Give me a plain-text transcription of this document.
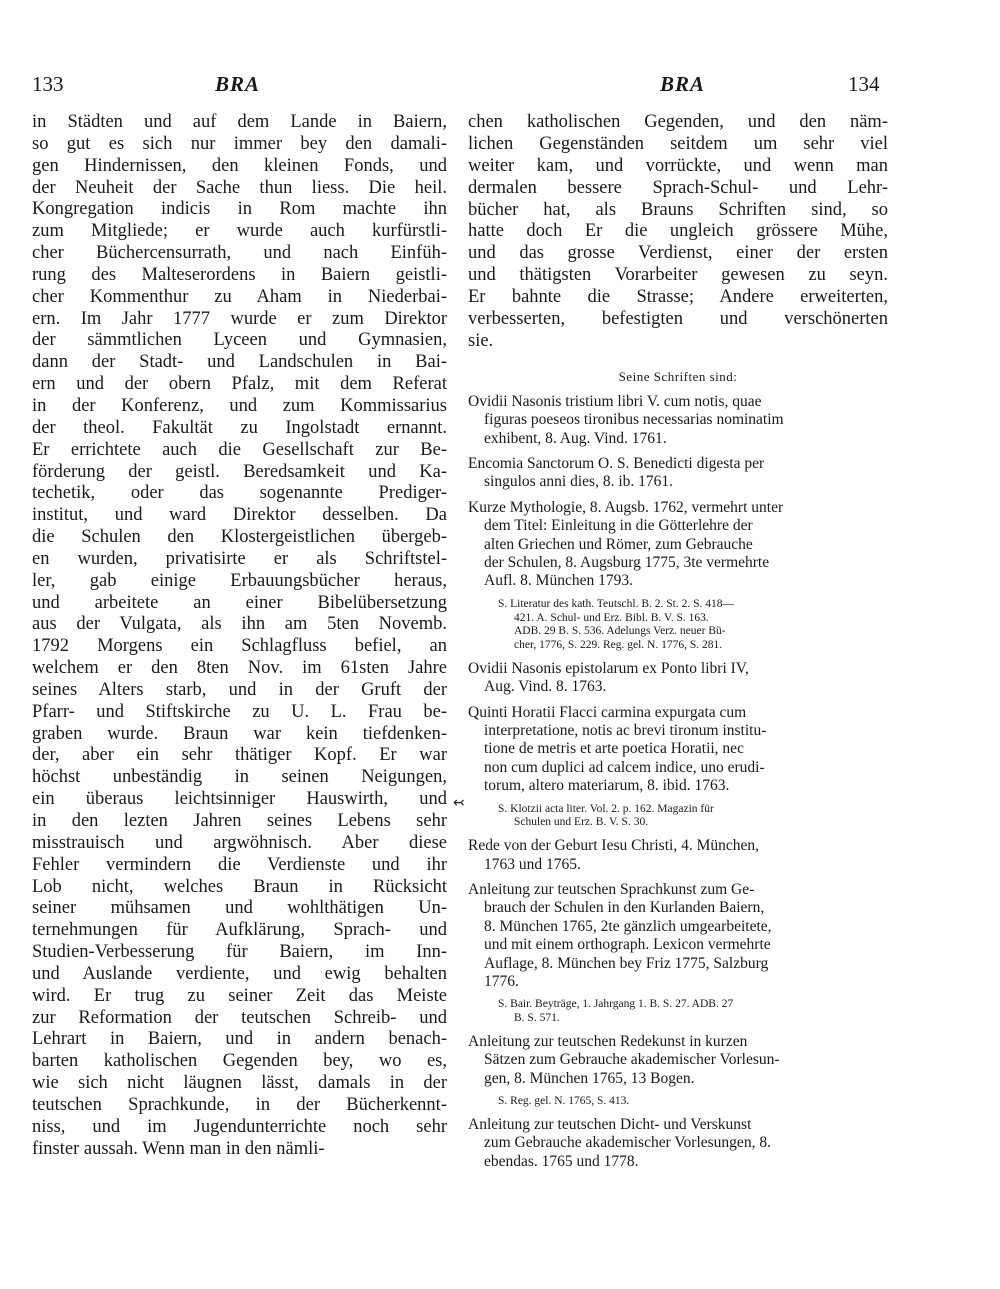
133	BRA	BRA	134
in Städten und auf dem Lande in Baiern,
so gut es sich nur immer bey den damali-
gen Hindernissen, den kleinen Fonds, und
der Neuheit der Sache thun liess. Die heil.
Kongregation indicis in Rom machte ihn
zum Mitgliede; er wurde auch kurfürstli-
cher Büchercensurrath, und nach Einfüh-
rung des Malteserordens in Baiern geistli-
cher Kommenthur zu Aham in Niederbai-
ern. Im Jahr 1777 wurde er zum Direktor
der sämmtlichen Lyceen und Gymnasien,
dann der Stadt- und Landschulen in Bai-
ern und der obern Pfalz, mit dem Referat
in der Konferenz, und zum Kommissarius
der theol. Fakultät zu Ingolstadt ernannt.
Er errichtete auch die Gesellschaft zur Be-
förderung der geistl. Beredsamkeit und Ka-
techetik, oder das sogenannte Prediger-
institut, und ward Direktor desselben. Da
die Schulen den Klostergeistlichen übergeb-
en wurden, privatisirte er als Schriftstel-
ler, gab einige Erbauungsbücher heraus,
und arbeitete an einer Bibelübersetzung
aus der Vulgata, als ihn am 5ten Novemb.
1792 Morgens ein Schlagfluss befiel, an
welchem er den 8ten Nov. im 61sten Jahre
seines Alters starb, und in der Gruft der
Pfarr- und Stiftskirche zu U. L. Frau be-
graben wurde. Braun war kein tiefdenken-
der, aber ein sehr thätiger Kopf. Er war
höchst unbeständig in seinen Neigungen,
ein überaus leichtsinniger Hauswirth, und
in den lezten Jahren seines Lebens sehr
misstrauisch und argwöhnisch. Aber diese
Fehler vermindern die Verdienste und ihr
Lob nicht, welches Braun in Rücksicht
seiner mühsamen und wohlthätigen Un-
ternehmungen für Aufklärung, Sprach- und
Studien-Verbesserung für Baiern, im Inn-
und Auslande verdiente, und ewig behalten
wird. Er trug zu seiner Zeit das Meiste
zur Reformation der teutschen Schreib- und
Lehrart in Baiern, und in andern benach-
barten katholischen Gegenden bey, wo es,
wie sich nicht läugnen lässt, damals in der
teutschen Sprachkunde, in der Bücherkennt-
niss, und im Jugendunterrichte noch sehr
finster aussah. Wenn man in den nämli-
chen katholischen Gegenden, und den näm-
lichen Gegenständen seitdem um sehr viel
weiter kam, und vorrückte, und wenn man
dermalen bessere Sprach-Schul- und Lehr-
bücher hat, als Brauns Schriften sind, so
hatte doch Er die ungleich grössere Mühe,
und das grosse Verdienst, einer der ersten
und thätigsten Vorarbeiter gewesen zu seyn.
Er bahnte die Strasse; Andere erweiterten,
verbesserten, befestigten und verschönerten
sie.
Seine Schriften sind:
Ovidii Nasonis tristium libri V. cum notis, quae
figuras poeseos tironibus necessarias nominatim
exhibent, 8. Aug. Vind. 1761.
Encomia Sanctorum O. S. Benedicti digesta per
singulos anni dies, 8. ib. 1761.
Kurze Mythologie, 8. Augsb. 1762, vermehrt unter
dem Titel: Einleitung in die Götterlehre der
alten Griechen und Römer, zum Gebrauche
der Schulen, 8. Augsburg 1775, 3te vermehrte
Aufl. 8. München 1793.
S. Literatur des kath. Teutschl. B. 2. St. 2. S. 418—
421. A. Schul- und Erz. Bibl. B. V. S. 163.
ADB. 29 B. S. 536. Adelungs Verz. neuer Bü-
cher, 1776, S. 229. Reg. gel. N. 1776, S. 281.
Ovidii Nasonis epistolarum ex Ponto libri IV,
Aug. Vind. 8. 1763.
Quinti Horatii Flacci carmina expurgata cum
interpretatione, notis ac brevi tironum institu-
tione de metris et arte poetica Horatii, nec
non cum duplici ad calcem indice, uno erudi-
torum, altero materiarum, 8. ibid. 1763.
S. Klotzii acta liter. Vol. 2. p. 162. Magazin für
Schulen und Erz. B. V. S. 30.
Rede von der Geburt Iesu Christi, 4. München,
1763 und 1765.
Anleitung zur teutschen Sprachkunst zum Ge-
brauch der Schulen in den Kurlanden Baiern,
8. München 1765, 2te gänzlich umgearbeitete,
und mit einem orthograph. Lexicon vermehrte
Auflage, 8. München bey Friz 1775, Salzburg
1776.
S. Bair. Beyträge, 1. Jahrgang 1. B. S. 27. ADB. 27
B. S. 571.
Anleitung zur teutschen Redekunst in kurzen
Sätzen zum Gebrauche akademischer Vorlesun-
gen, 8. München 1765, 13 Bogen.
S. Reg. gel. N. 1765, S. 413.
Anleitung zur teutschen Dicht- und Verskunst
zum Gebrauche akademischer Vorlesungen, 8.
ebendas. 1765 und 1778.
↢
